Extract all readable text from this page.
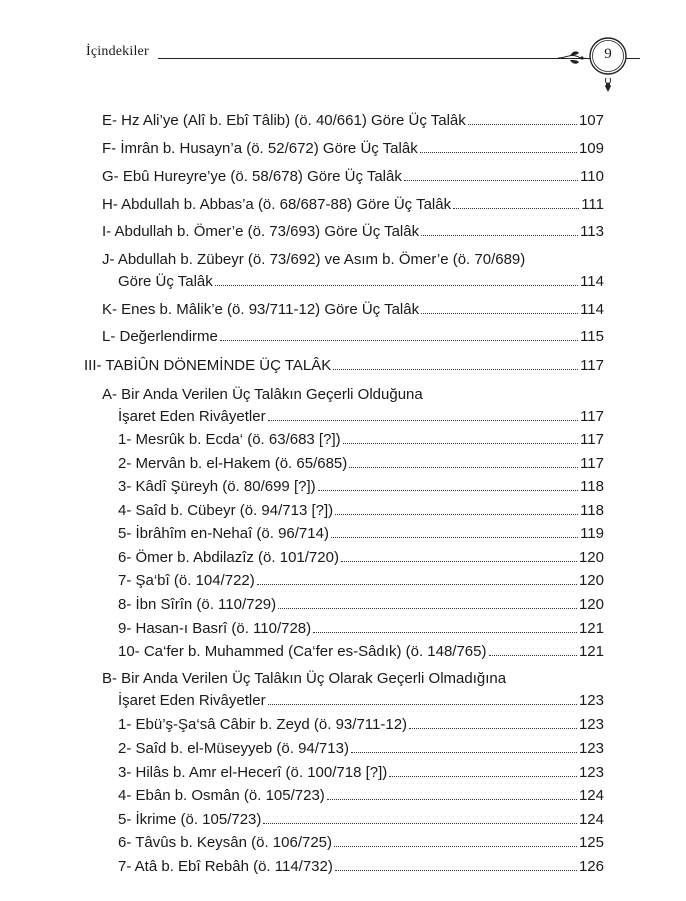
İçindekiler	9
E- Hz Ali’ye (Alî b. Ebî Tâlib) (ö. 40/661) Göre Üç Talâk	107
F- İmrân b. Husayn’a (ö. 52/672) Göre Üç Talâk	109
G- Ebû Hureyre’ye (ö. 58/678) Göre Üç Talâk	110
H- Abdullah b. Abbas’a (ö. 68/687-88) Göre Üç Talâk	111
I- Abdullah b. Ömer’e (ö. 73/693) Göre Üç Talâk	113
J- Abdullah b. Zübeyr (ö. 73/692) ve Asım b. Ömer’e (ö. 70/689)
Göre Üç Talâk	114
K- Enes b. Mâlik’e (ö. 93/711-12) Göre Üç Talâk	114
L- Değerlendirme	115
III- TABİÛN DÖNEMİNDE ÜÇ TALÂK	117
A- Bir Anda Verilen Üç Talâkın Geçerli Olduğuna
İşaret Eden Rivâyetler	117
1- Mesrûk b. Ecda‘ (ö. 63/683 [?])	117
2- Mervân b. el-Hakem (ö. 65/685)	117
3- Kâdî Şüreyh (ö. 80/699 [?])	118
4- Saîd b. Cübeyr (ö. 94/713 [?])	118
5- İbrâhîm en-Nehaî (ö. 96/714)	119
6- Ömer b. Abdilazîz (ö. 101/720)	120
7- Şa‘bî (ö. 104/722)	120
8- İbn Sîrîn (ö. 110/729)	120
9- Hasan-ı Basrî (ö. 110/728)	121
10- Ca‘fer b. Muhammed (Ca‘fer es-Sâdık) (ö. 148/765)	121
B- Bir Anda Verilen Üç Talâkın Üç Olarak Geçerli Olmadığına
İşaret Eden Rivâyetler	123
1- Ebü’ş-Şa‘sâ Câbir b. Zeyd (ö. 93/711-12)	123
2- Saîd b. el-Müseyyeb (ö. 94/713)	123
3- Hilâs b. Amr el-Hecerî (ö. 100/718 [?])	123
4- Ebân b. Osmân (ö. 105/723)	124
5- İkrime (ö. 105/723)	124
6- Tâvûs b. Keysân (ö. 106/725)	125
7- Atâ b. Ebî Rebâh (ö. 114/732)	126
